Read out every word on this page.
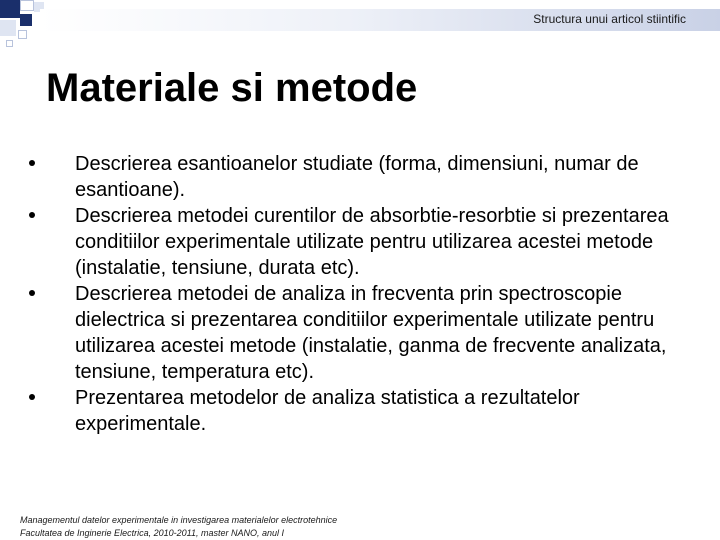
Structura unui articol stiintific
Materiale si metode
Descrierea esantioanelor studiate (forma, dimensiuni, numar de esantioane).
Descrierea metodei curentilor de absorbtie-resorbtie si prezentarea conditiilor experimentale utilizate pentru utilizarea acestei metode (instalatie, tensiune, durata etc).
Descrierea metodei de analiza in frecventa prin spectroscopie dielectrica si prezentarea conditiilor experimentale utilizate pentru utilizarea acestei metode (instalatie, ganma de frecvente analizata, tensiune, temperatura etc).
Prezentarea metodelor de analiza statistica a rezultatelor experimentale.
Managementul datelor experimentale in investigarea materialelor electrotehnice
Facultatea de Inginerie Electrica, 2010-2011, master NANO, anul I
